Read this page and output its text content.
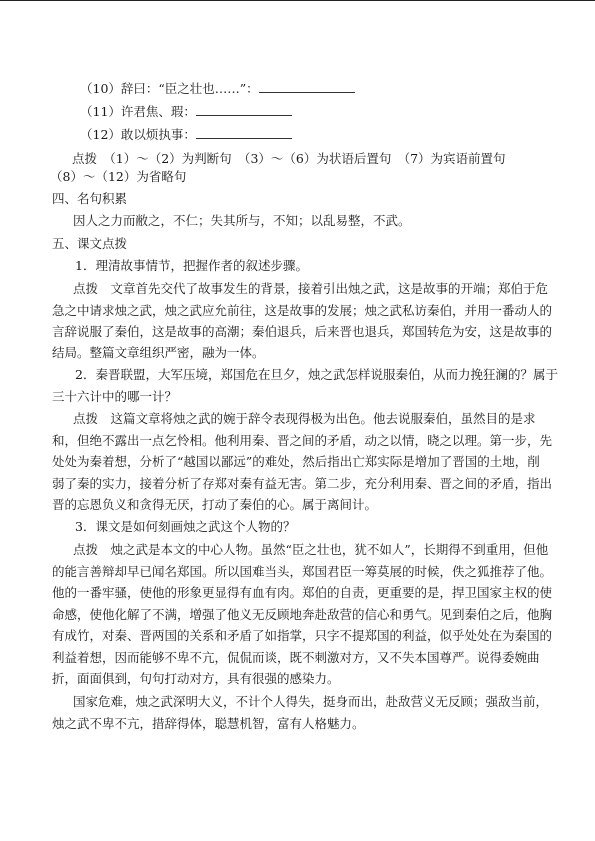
（10）辞曰：“臣之壮也……”：
（11）许君焦、瑕：
（12）敢以烦执事：
点拨　 （1）～（2）为判断句　（3）～（6）为状语后置句　（7）为宾语前置句
（8）～（12）为省略句
四、名句积累
因人之力而敝之，不仁；失其所与，不知；以乱易整，不武。
五、课文点拨
1．理清故事情节，把握作者的叙述步骤。
点拨　文章首先交代了故事发生的背景，接着引出烛之武，这是故事的开端；郑伯于危
急之中请求烛之武，烛之武应允前往，这是故事的发展；烛之武私访秦伯，并用一番动人的
言辞说服了秦伯，这是故事的高潮；秦伯退兵，后来晋也退兵，郑国转危为安，这是故事的
结局。整篇文章组织严密，融为一体。
2．秦晋联盟，大军压境，郑国危在旦夕，烛之武怎样说服秦伯，从而力挽狂澜的？属于
三十六计中的哪一计？
点拨　这篇文章将烛之武的婉于辞令表现得极为出色。他去说服秦伯，虽然目的是求
和，但绝不露出一点乞怜相。他利用秦、晋之间的矛盾，动之以情，晓之以理。第一步，先
处处为秦着想，分析了“越国以鄙远”的难处，然后指出亡郑实际是增加了晋国的土地，削
弱了秦的实力，接着分析了存郑对秦有益无害。第二步，充分利用秦、晋之间的矛盾，指出
晋的忘恩负义和贪得无厌，打动了秦伯的心。属于离间计。
3．课文是如何刻画烛之武这个人物的？
点拨　烛之武是本文的中心人物。虽然“臣之壮也，犹不如人”，长期得不到重用，但他
的能言善辩却早已闻名郑国。所以国难当头，郑国君臣一筹莫展的时候，佚之狐推荐了他。
他的一番牢骚，使他的形象更显得有血有肉。郑伯的自责，更重要的是，捍卫国家主权的使
命感，使他化解了不满，增强了他义无反顾地奔赴敌营的信心和勇气。见到秦伯之后，他胸
有成竹，对秦、晋两国的关系和矛盾了如指掌，只字不提郑国的利益，似乎处处在为秦国的
利益着想，因而能够不卑不亢，侃侃而谈，既不刺激对方，又不失本国尊严。说得委婉曲
折，面面俱到，句句打动对方，具有很强的感染力。
国家危难，烛之武深明大义，不计个人得失，挺身而出，赴敌营义无反顾；强敌当前，
烛之武不卑不亢，措辞得体，聪慧机智，富有人格魅力。
